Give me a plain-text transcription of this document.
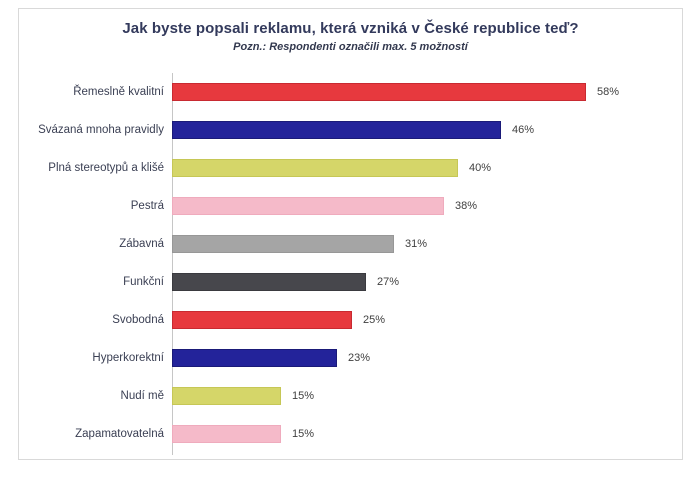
Jak byste popsali reklamu, která vzniká v České republice teď?
Pozn.: Respondenti označili max. 5 možností
Řemeslně kvalitní	58%
Svázaná mnoha pravidly	46%
Plná stereotypů a klišé	40%
Pestrá	38%
Zábavná	31%
Funkční	27%
Svobodná	25%
Hyperkorektní	23%
Nudí mě	15%
Zapamatovatelná	15%
